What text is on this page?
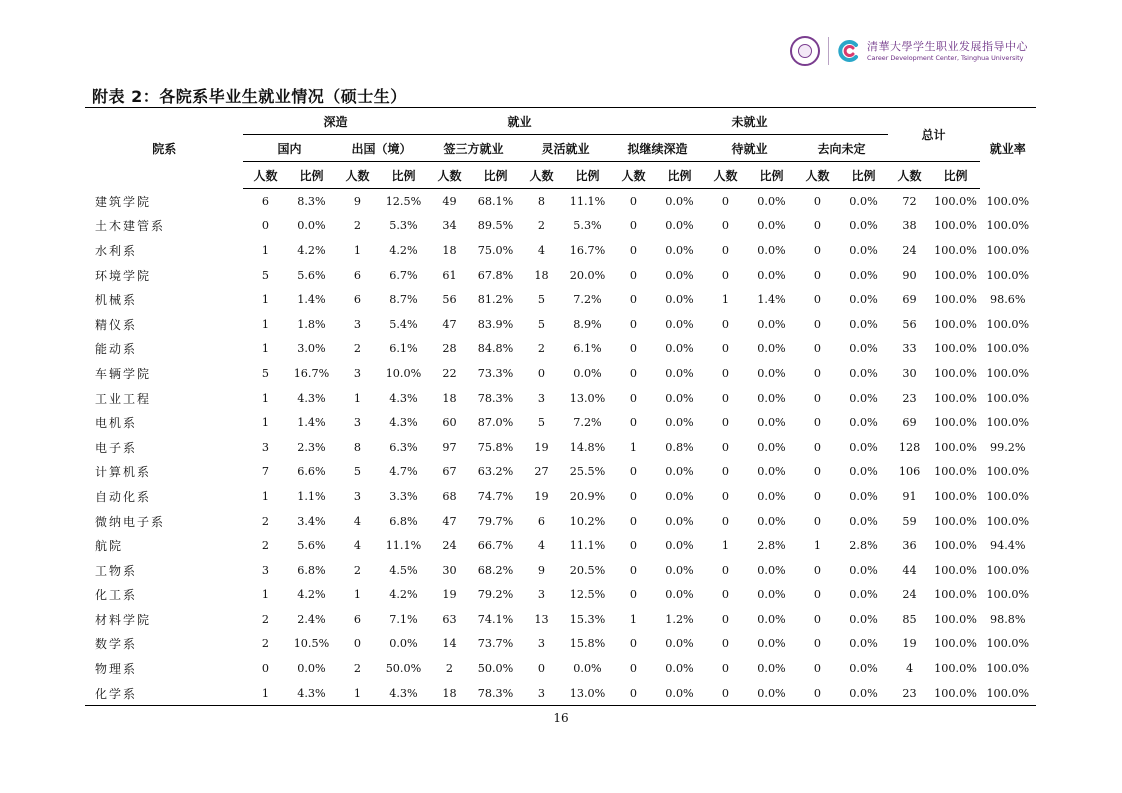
清華大學学生职业发展指导中心
Career Development Center, Tsinghua University
附表 2：各院系毕业生就业情况（硕士生）
院系	深造				就业				未就业						总计		就业率
	国内		出国（境）		签三方就业		灵活就业		拟继续深造		待就业		去向未定				
	人数	比例	人数	比例	人数	比例	人数	比例	人数	比例	人数	比例	人数	比例	人数	比例	
建筑学院	6	8.3%	9	12.5%	49	68.1%	8	11.1%	0	0.0%	0	0.0%	0	0.0%	72	100.0%	100.0%
土木建管系	0	0.0%	2	5.3%	34	89.5%	2	5.3%	0	0.0%	0	0.0%	0	0.0%	38	100.0%	100.0%
水利系	1	4.2%	1	4.2%	18	75.0%	4	16.7%	0	0.0%	0	0.0%	0	0.0%	24	100.0%	100.0%
环境学院	5	5.6%	6	6.7%	61	67.8%	18	20.0%	0	0.0%	0	0.0%	0	0.0%	90	100.0%	100.0%
机械系	1	1.4%	6	8.7%	56	81.2%	5	7.2%	0	0.0%	1	1.4%	0	0.0%	69	100.0%	98.6%
精仪系	1	1.8%	3	5.4%	47	83.9%	5	8.9%	0	0.0%	0	0.0%	0	0.0%	56	100.0%	100.0%
能动系	1	3.0%	2	6.1%	28	84.8%	2	6.1%	0	0.0%	0	0.0%	0	0.0%	33	100.0%	100.0%
车辆学院	5	16.7%	3	10.0%	22	73.3%	0	0.0%	0	0.0%	0	0.0%	0	0.0%	30	100.0%	100.0%
工业工程	1	4.3%	1	4.3%	18	78.3%	3	13.0%	0	0.0%	0	0.0%	0	0.0%	23	100.0%	100.0%
电机系	1	1.4%	3	4.3%	60	87.0%	5	7.2%	0	0.0%	0	0.0%	0	0.0%	69	100.0%	100.0%
电子系	3	2.3%	8	6.3%	97	75.8%	19	14.8%	1	0.8%	0	0.0%	0	0.0%	128	100.0%	99.2%
计算机系	7	6.6%	5	4.7%	67	63.2%	27	25.5%	0	0.0%	0	0.0%	0	0.0%	106	100.0%	100.0%
自动化系	1	1.1%	3	3.3%	68	74.7%	19	20.9%	0	0.0%	0	0.0%	0	0.0%	91	100.0%	100.0%
微纳电子系	2	3.4%	4	6.8%	47	79.7%	6	10.2%	0	0.0%	0	0.0%	0	0.0%	59	100.0%	100.0%
航院	2	5.6%	4	11.1%	24	66.7%	4	11.1%	0	0.0%	1	2.8%	1	2.8%	36	100.0%	94.4%
工物系	3	6.8%	2	4.5%	30	68.2%	9	20.5%	0	0.0%	0	0.0%	0	0.0%	44	100.0%	100.0%
化工系	1	4.2%	1	4.2%	19	79.2%	3	12.5%	0	0.0%	0	0.0%	0	0.0%	24	100.0%	100.0%
材料学院	2	2.4%	6	7.1%	63	74.1%	13	15.3%	1	1.2%	0	0.0%	0	0.0%	85	100.0%	98.8%
数学系	2	10.5%	0	0.0%	14	73.7%	3	15.8%	0	0.0%	0	0.0%	0	0.0%	19	100.0%	100.0%
物理系	0	0.0%	2	50.0%	2	50.0%	0	0.0%	0	0.0%	0	0.0%	0	0.0%	4	100.0%	100.0%
化学系	1	4.3%	1	4.3%	18	78.3%	3	13.0%	0	0.0%	0	0.0%	0	0.0%	23	100.0%	100.0%
16
